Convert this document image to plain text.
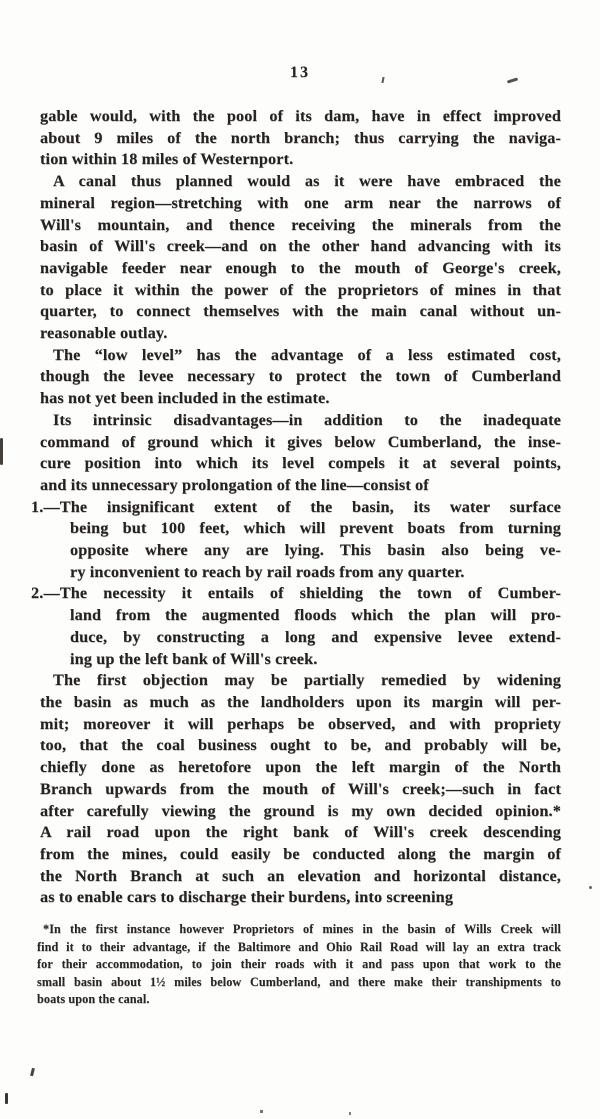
13
gable would, with the pool of its dam, have in effect improved
about 9 miles of the north branch; thus carrying the naviga-
tion within 18 miles of Westernport.
A canal thus planned would as it were have embraced the
mineral region—stretching with one arm near the narrows of
Will's mountain, and thence receiving the minerals from the
basin of Will's creek—and on the other hand advancing with its
navigable feeder near enough to the mouth of George's creek,
to place it within the power of the proprietors of mines in that
quarter, to connect themselves with the main canal without un-
reasonable outlay.
The “low level” has the advantage of a less estimated cost,
though the levee necessary to protect the town of Cumberland
has not yet been included in the estimate.
Its intrinsic disadvantages—in addition to the inadequate
command of ground which it gives below Cumberland, the inse-
cure position into which its level compels it at several points,
and its unnecessary prolongation of the line—consist of
1.—The insignificant extent of the basin, its water surface
being but 100 feet, which will prevent boats from turning
opposite where any are lying. This basin also being ve-
ry inconvenient to reach by rail roads from any quarter.
2.—The necessity it entails of shielding the town of Cumber-
land from the augmented floods which the plan will pro-
duce, by constructing a long and expensive levee extend-
ing up the left bank of Will's creek.
The first objection may be partially remedied by widening
the basin as much as the landholders upon its margin will per-
mit; moreover it will perhaps be observed, and with propriety
too, that the coal business ought to be, and probably will be,
chiefly done as heretofore upon the left margin of the North
Branch upwards from the mouth of Will's creek;—such in fact
after carefully viewing the ground is my own decided opinion.*
A rail road upon the right bank of Will's creek descending
from the mines, could easily be conducted along the margin of
the North Branch at such an elevation and horizontal distance,
as to enable cars to discharge their burdens, into screening
*In the first instance however Proprietors of mines in the basin of Wills Creek will
find it to their advantage, if the Baltimore and Ohio Rail Road will lay an extra track
for their accommodation, to join their roads with it and pass upon that work to the
small basin about 1½ miles below Cumberland, and there make their transhipments to
boats upon the canal.
